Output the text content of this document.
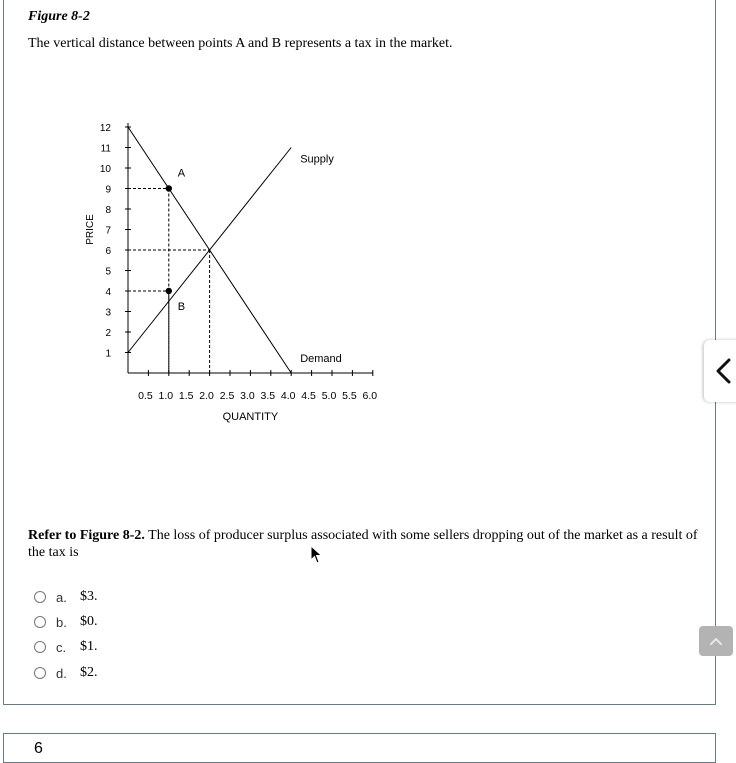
Figure 8-2
The vertical distance between points A and B represents a tax in the market.
1
2
3
4
5
6
7
8
9
10
11
12
0.5 1.0 1.5 2.0 2.5 3.0 3.5 4.0 4.5 5.0 5.5 6.0
QUANTITY
PRICE
Demand
Supply
A
B
Refer to Figure 8-2. The loss of producer surplus associated with some sellers dropping out of the market as a result of the tax is
a. $3.
b. $0.
c. $1.
d. $2.
6
